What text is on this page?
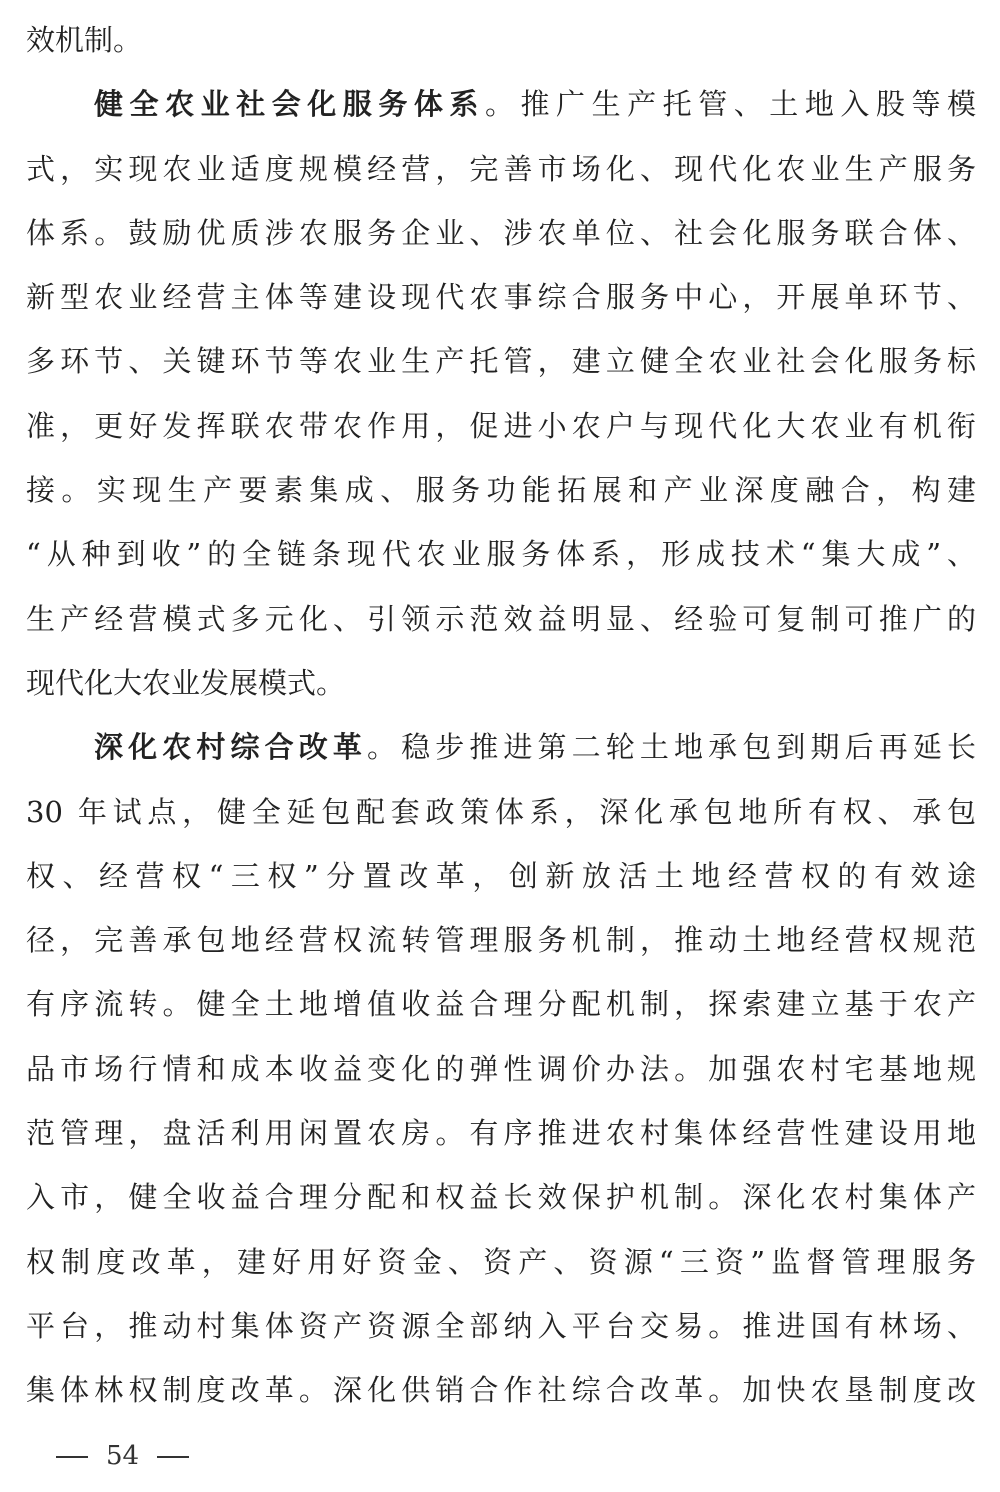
效机制。
健全农业社会化服务体系。推广生产托管、土地入股等模
式，实现农业适度规模经营，完善市场化、现代化农业生产服务
体系。鼓励优质涉农服务企业、涉农单位、社会化服务联合体、
新型农业经营主体等建设现代农事综合服务中心，开展单环节、
多环节、关键环节等农业生产托管，建立健全农业社会化服务标
准，更好发挥联农带农作用，促进小农户与现代化大农业有机衔
接。实现生产要素集成、服务功能拓展和产业深度融合，构建
“从种到收”的全链条现代农业服务体系，形成技术“集大成”、
生产经营模式多元化、引领示范效益明显、经验可复制可推广的
现代化大农业发展模式。
深化农村综合改革。稳步推进第二轮土地承包到期后再延长
30 年试点，健全延包配套政策体系，深化承包地所有权、承包
权、经营权“三权”分置改革，创新放活土地经营权的有效途
径，完善承包地经营权流转管理服务机制，推动土地经营权规范
有序流转。健全土地增值收益合理分配机制，探索建立基于农产
品市场行情和成本收益变化的弹性调价办法。加强农村宅基地规
范管理，盘活利用闲置农房。有序推进农村集体经营性建设用地
入市，健全收益合理分配和权益长效保护机制。深化农村集体产
权制度改革，建好用好资金、资产、资源“三资”监督管理服务
平台，推动村集体资产资源全部纳入平台交易。推进国有林场、
集体林权制度改革。深化供销合作社综合改革。加快农垦制度改
54
